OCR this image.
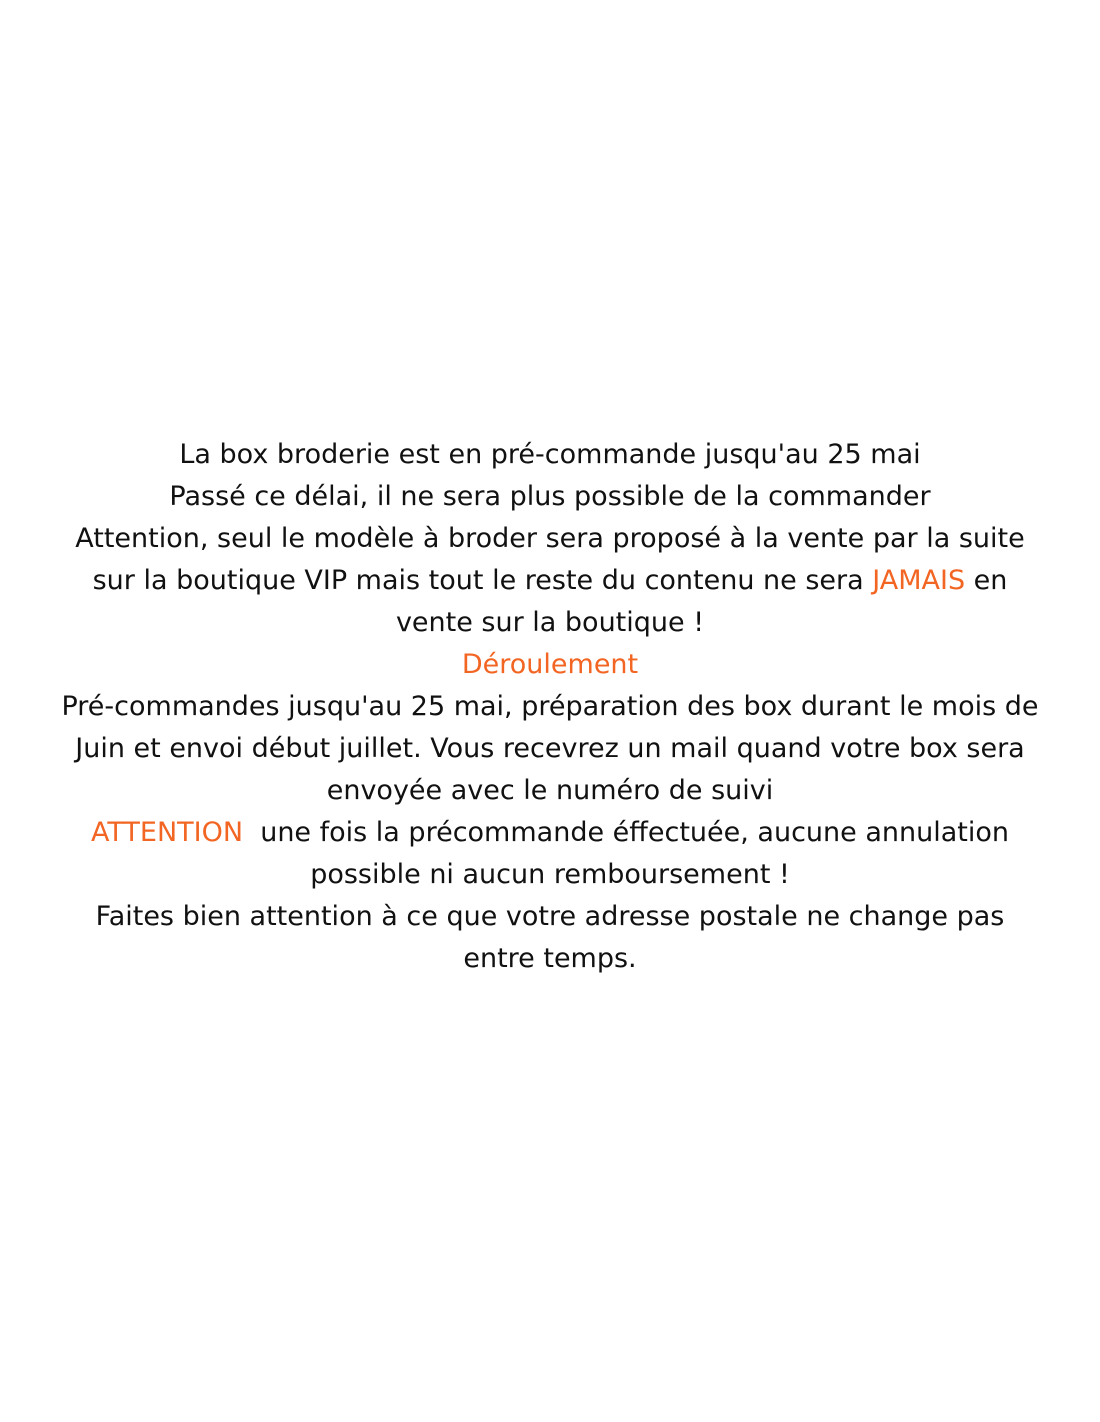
La box broderie est en pré-commande jusqu'au 25 mai
Passé ce délai, il ne sera plus possible de la commander
Attention, seul le modèle à broder sera proposé à la vente par la suite
sur la boutique VIP mais tout le reste du contenu ne sera JAMAIS en
vente sur la boutique !
Déroulement
Pré-commandes jusqu'au 25 mai, préparation des box durant le mois de
Juin et envoi début juillet. Vous recevrez un mail quand votre box sera
envoyée avec le numéro de suivi
ATTENTION  une fois la précommande éffectuée, aucune annulation
possible ni aucun remboursement !
Faites bien attention à ce que votre adresse postale ne change pas
entre temps.
